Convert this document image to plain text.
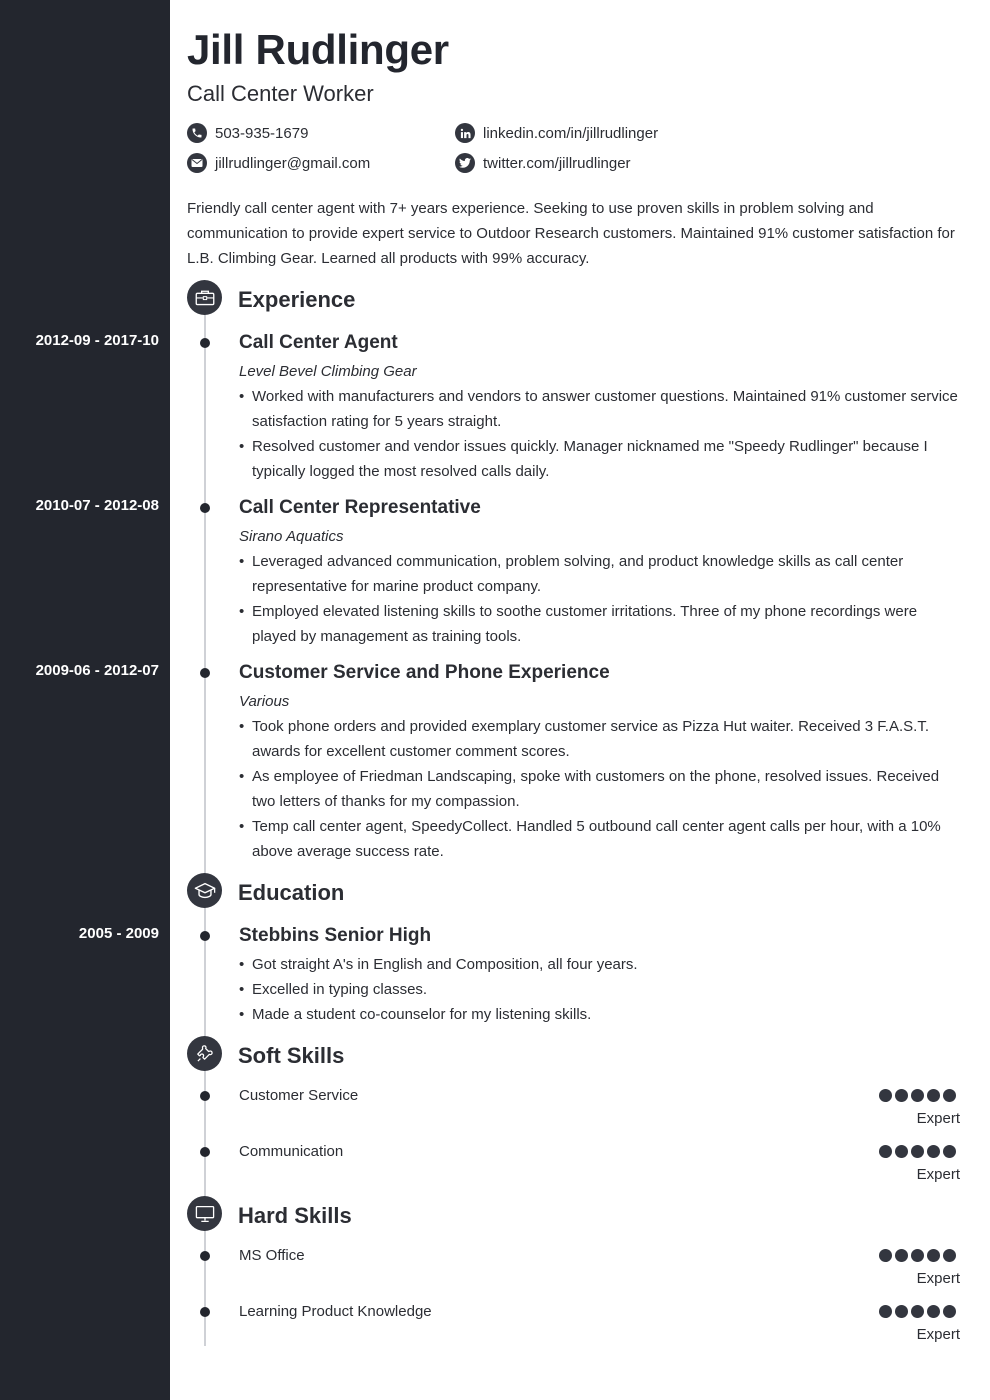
Jill Rudlinger
Call Center Worker
503-935-1679
jillrudlinger@gmail.com
linkedin.com/in/jillrudlinger
twitter.com/jillrudlinger

Friendly call center agent with 7+ years experience. Seeking to use proven skills in problem solving and communication to provide expert service to Outdoor Research customers. Maintained 91% customer satisfaction for L.B. Climbing Gear. Learned all products with 99% accuracy.

Experience
2012-09 - 2017-10	Call Center Agent
Level Bevel Climbing Gear
• Worked with manufacturers and vendors to answer customer questions. Maintained 91% customer service satisfaction rating for 5 years straight.
• Resolved customer and vendor issues quickly. Manager nicknamed me "Speedy Rudlinger" because I typically logged the most resolved calls daily.
2010-07 - 2012-08	Call Center Representative
Sirano Aquatics
• Leveraged advanced communication, problem solving, and product knowledge skills as call center representative for marine product company.
• Employed elevated listening skills to soothe customer irritations. Three of my phone recordings were played by management as training tools.
2009-06 - 2012-07	Customer Service and Phone Experience
Various
• Took phone orders and provided exemplary customer service as Pizza Hut waiter. Received 3 F.A.S.T. awards for excellent customer comment scores.
• As employee of Friedman Landscaping, spoke with customers on the phone, resolved issues. Received two letters of thanks for my compassion.
• Temp call center agent, SpeedyCollect. Handled 5 outbound call center agent calls per hour, with a 10% above average success rate.
Education
2005 - 2009	Stebbins Senior High
• Got straight A's in English and Composition, all four years.
• Excelled in typing classes.
• Made a student co-counselor for my listening skills.
Soft Skills
Customer Service
Expert
Communication
Expert
Hard Skills
MS Office
Expert
Learning Product Knowledge
Expert
